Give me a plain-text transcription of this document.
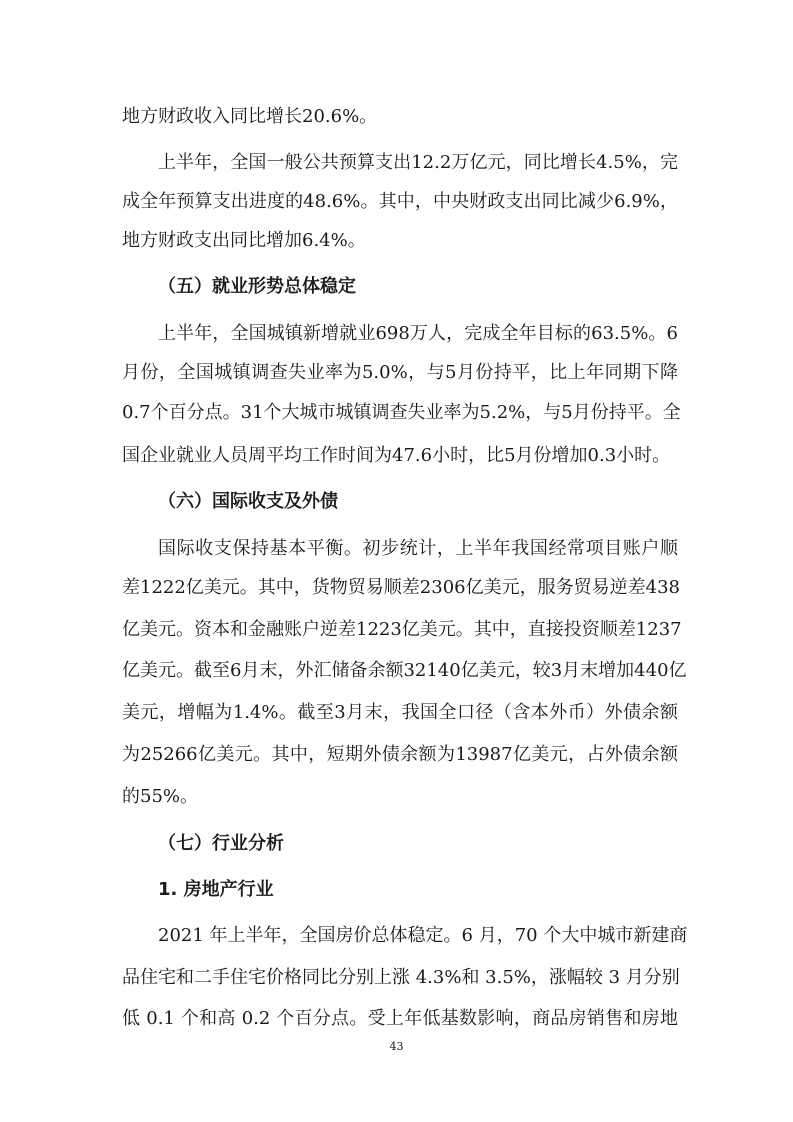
地方财政收入同比增长20.6%。
上半年，全国一般公共预算支出12.2万亿元，同比增长4.5%，完
成全年预算支出进度的48.6%。其中，中央财政支出同比减少6.9%，
地方财政支出同比增加6.4%。
（五）就业形势总体稳定
上半年，全国城镇新增就业698万人，完成全年目标的63.5%。6
月份，全国城镇调查失业率为5.0%，与5月份持平，比上年同期下降
0.7个百分点。31个大城市城镇调查失业率为5.2%，与5月份持平。全
国企业就业人员周平均工作时间为47.6小时，比5月份增加0.3小时。
（六）国际收支及外债
国际收支保持基本平衡。初步统计，上半年我国经常项目账户顺
差1222亿美元。其中，货物贸易顺差2306亿美元，服务贸易逆差438
亿美元。资本和金融账户逆差1223亿美元。其中，直接投资顺差1237
亿美元。截至6月末，外汇储备余额32140亿美元，较3月末增加440亿
美元，增幅为1.4%。截至3月末，我国全口径（含本外币）外债余额
为25266亿美元。其中，短期外债余额为13987亿美元，占外债余额
的55%。
（七）行业分析
1. 房地产行业
2021 年上半年，全国房价总体稳定。6 月，70 个大中城市新建商
品住宅和二手住宅价格同比分别上涨 4.3%和 3.5%，涨幅较 3 月分别
低 0.1 个和高 0.2 个百分点。受上年低基数影响，商品房销售和房地
43
